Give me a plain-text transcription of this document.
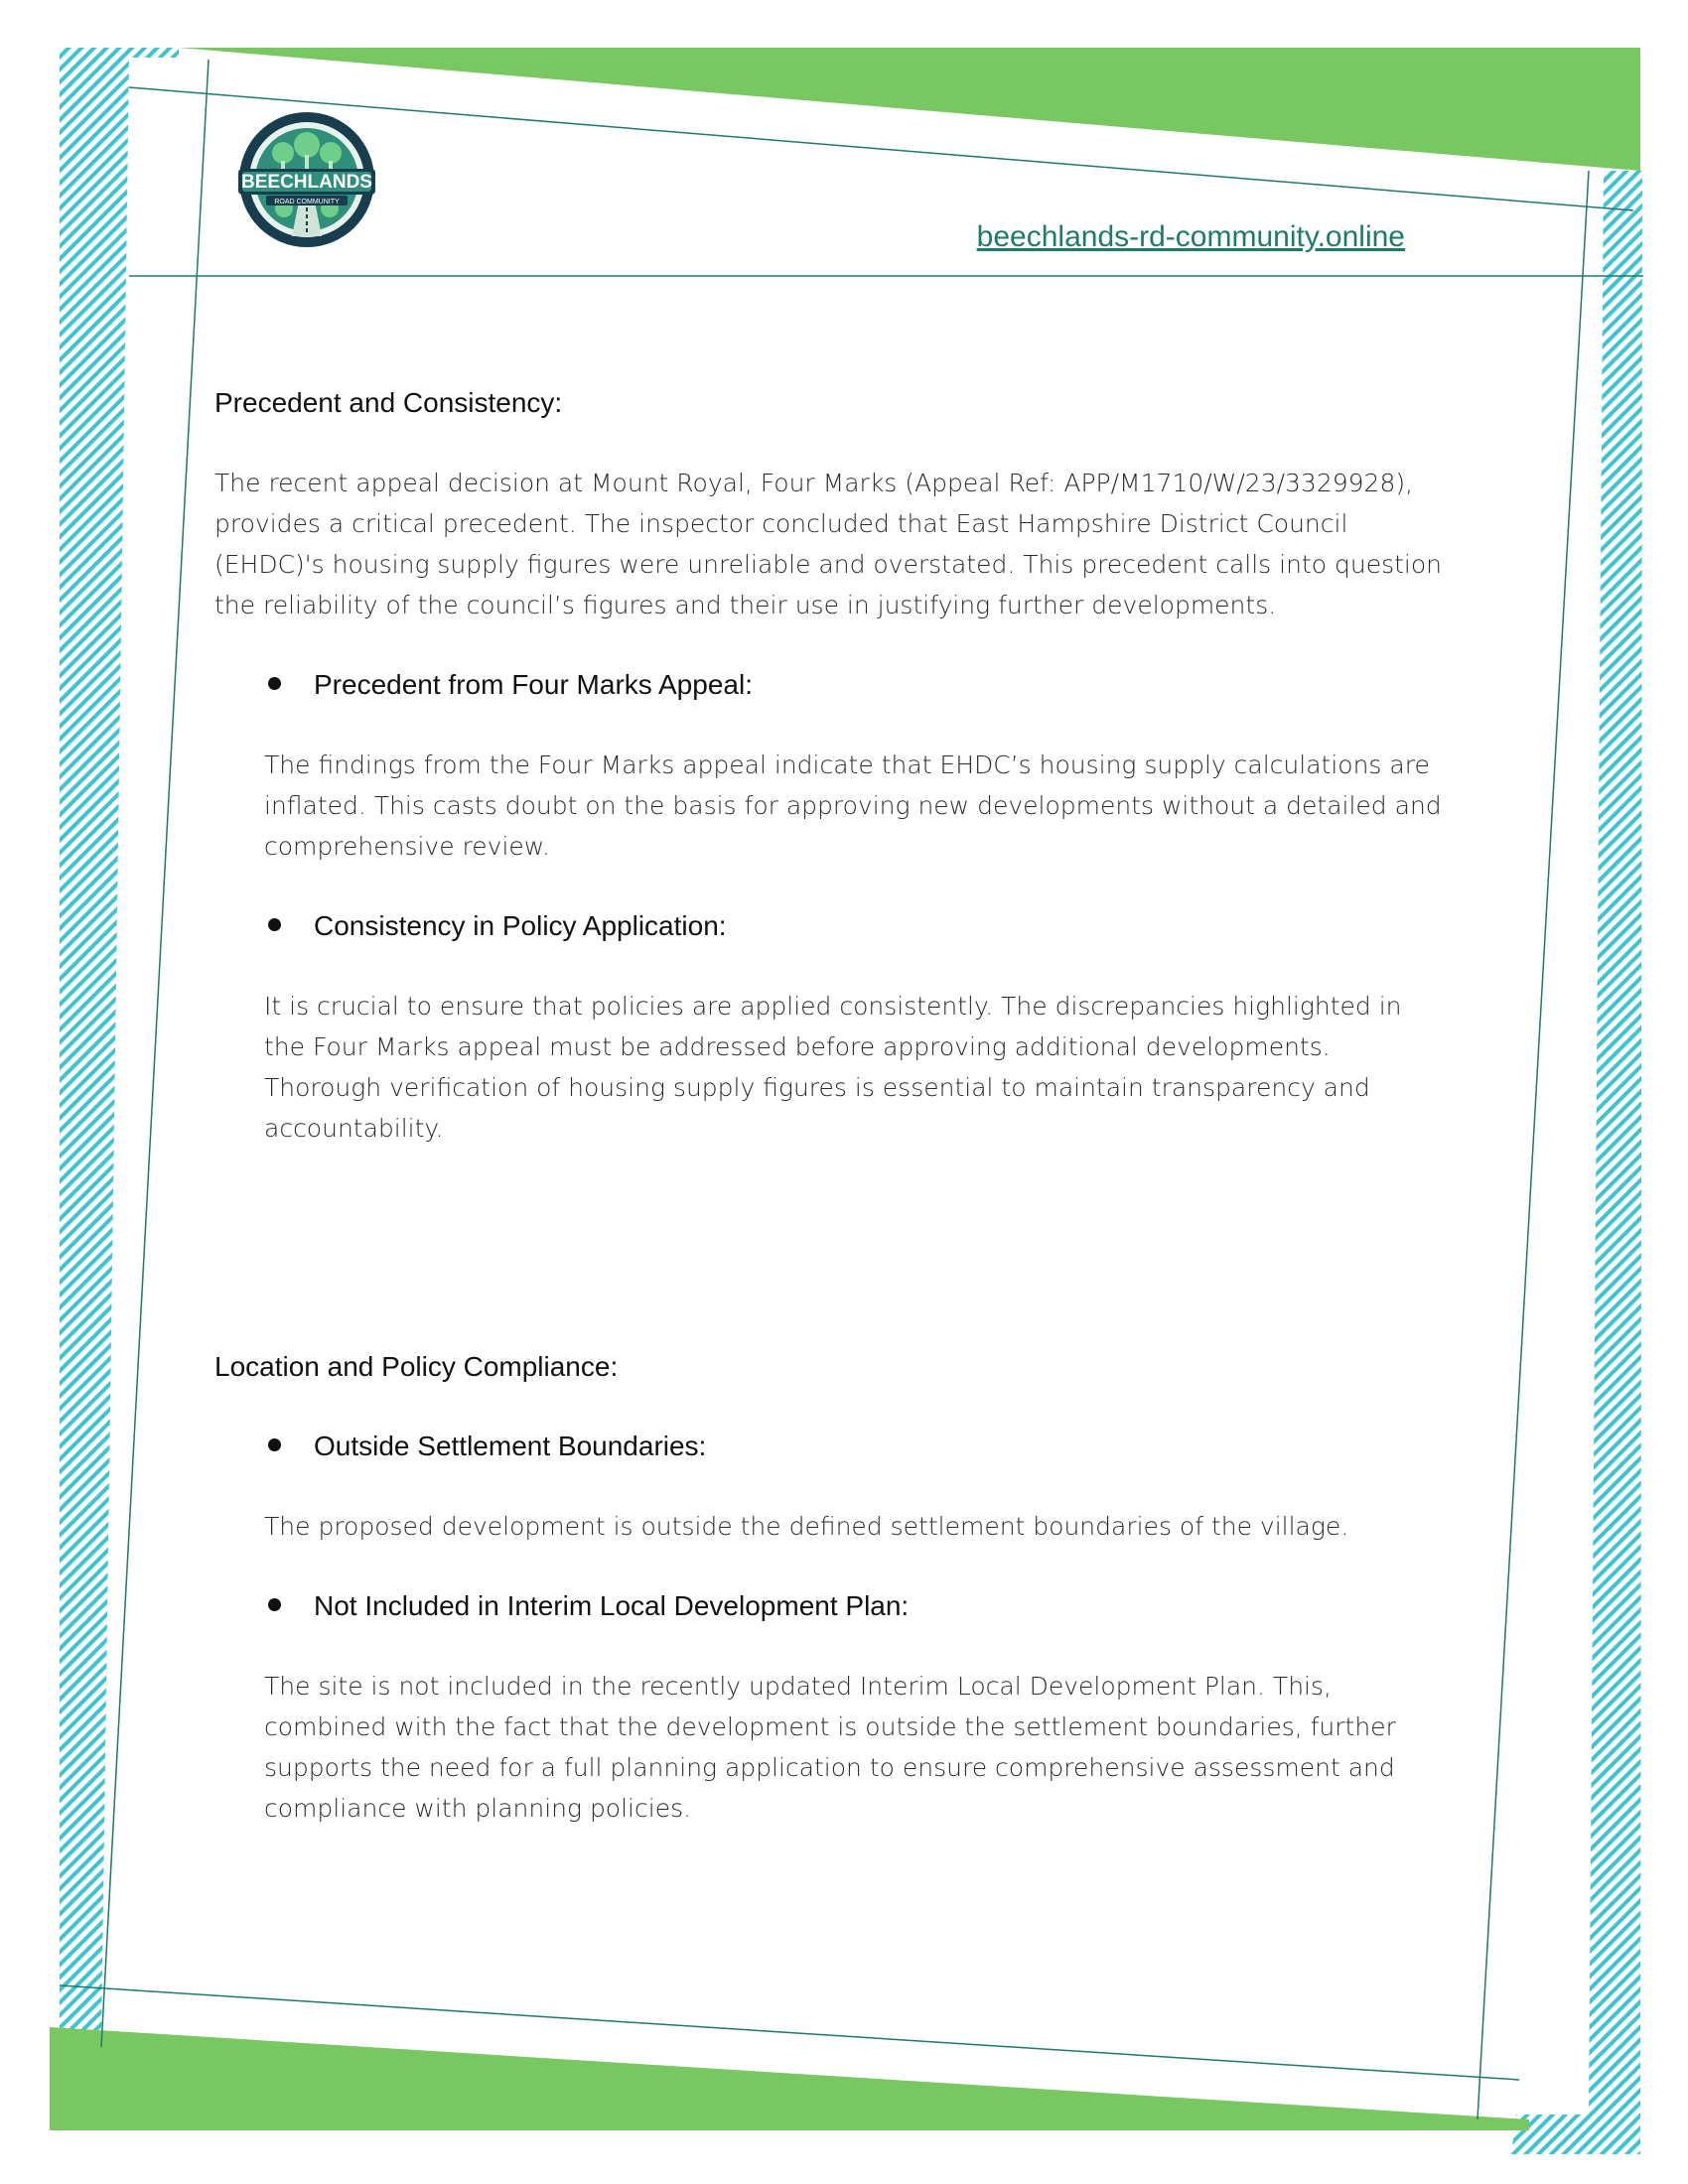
BEECHLANDS
ROAD COMMUNITY
beechlands-rd-community.online
Precedent and Consistency:

The recent appeal decision at Mount Royal, Four Marks (Appeal Ref: APP/M1710/W/23/3329928), provides a critical precedent. The inspector concluded that East Hampshire District Council (EHDC)'s housing supply figures were unreliable and overstated. This precedent calls into question the reliability of the council’s figures and their use in justifying further developments.

Precedent from Four Marks Appeal:

The findings from the Four Marks appeal indicate that EHDC’s housing supply calculations are inflated. This casts doubt on the basis for approving new developments without a detailed and comprehensive review.

Consistency in Policy Application:

It is crucial to ensure that policies are applied consistently. The discrepancies highlighted in the Four Marks appeal must be addressed before approving additional developments. Thorough verification of housing supply figures is essential to maintain transparency and accountability.

Location and Policy Compliance:
Outside Settlement Boundaries:

The proposed development is outside the defined settlement boundaries of the village.

Not Included in Interim Local Development Plan:

The site is not included in the recently updated Interim Local Development Plan. This, combined with the fact that the development is outside the settlement boundaries, further supports the need for a full planning application to ensure comprehensive assessment and compliance with planning policies.
